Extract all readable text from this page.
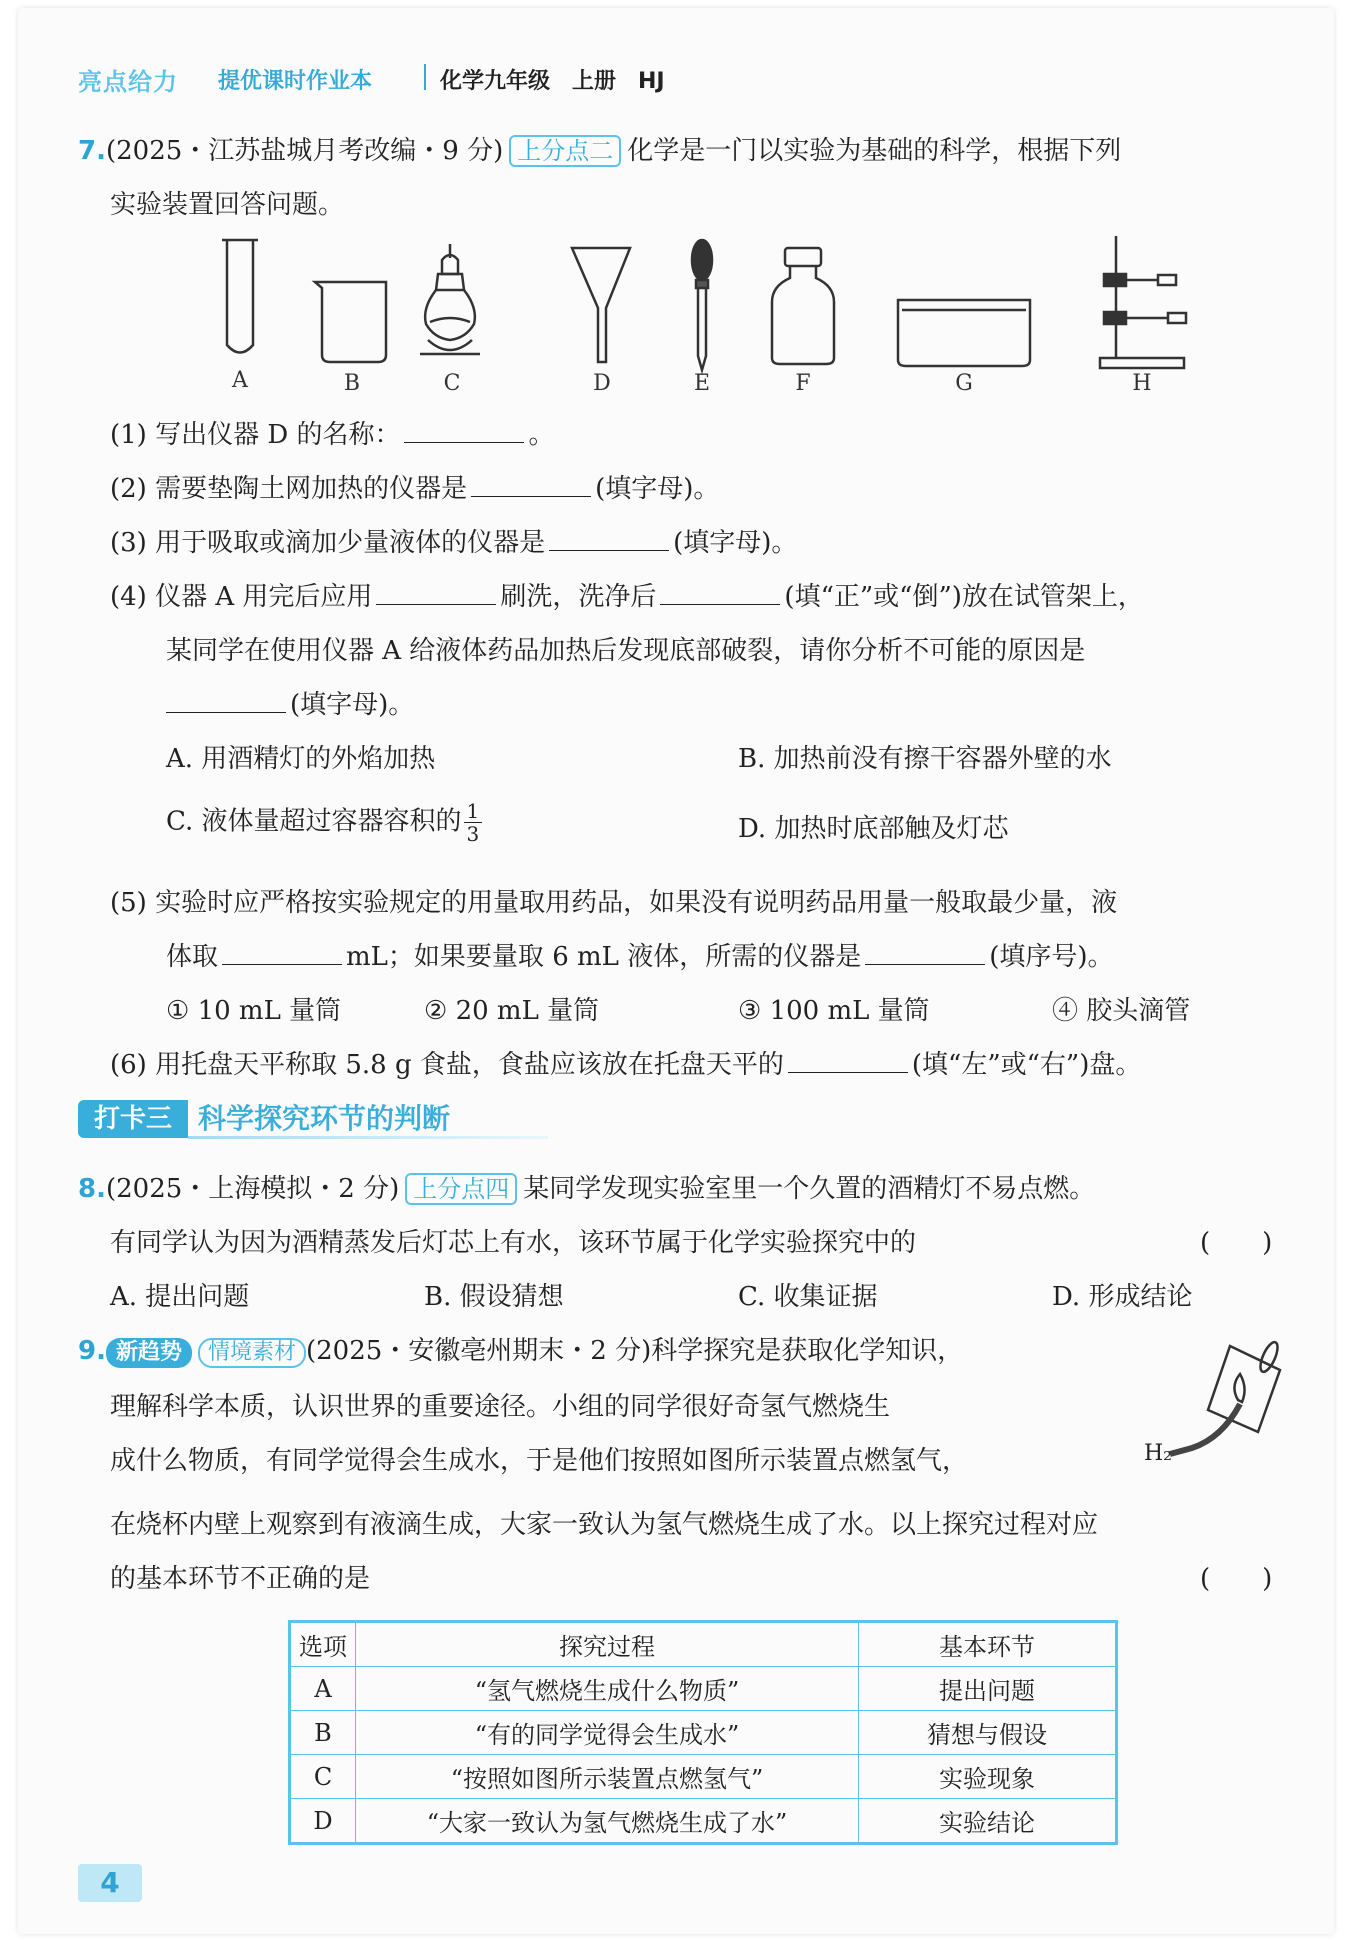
亮点给力 提优课时作业本	化学九年级　上册　HJ
7.(2025・江苏盐城月考改编・9 分) 上分点二 化学是一门以实验为基础的科学，根据下列
实验装置回答问题。
A	B	C	D	E	F	G	H
(1) 写出仪器 D 的名称：	。
(2) 需要垫陶土网加热的仪器是	(填字母)。
(3) 用于吸取或滴加少量液体的仪器是	(填字母)。
(4) 仪器 A 用完后应用	刷洗，洗净后	(填“正”或“倒”)放在试管架上，
某同学在使用仪器 A 给液体药品加热后发现底部破裂，请你分析不可能的原因是
(填字母)。
A. 用酒精灯的外焰加热	B. 加热前没有擦干容器外壁的水
C. 液体量超过容器容积的 $\frac{1}{3}$	D. 加热时底部触及灯芯
(5) 实验时应严格按实验规定的用量取用药品，如果没有说明药品用量一般取最少量，液
体取	mL；如果要量取 6 mL 液体，所需的仪器是	(填序号)。
① 10 mL 量筒	② 20 mL 量筒	③ 100 mL 量筒	④ 胶头滴管
(6) 用托盘天平称取 5.8 g 食盐，食盐应该放在托盘天平的	(填“左”或“右”)盘。
打卡三 科学探究环节的判断
8.(2025・上海模拟・2 分) 上分点四 某同学发现实验室里一个久置的酒精灯不易点燃。
有同学认为因为酒精蒸发后灯芯上有水，该环节属于化学实验探究中的	(　　)
A. 提出问题	B. 假设猜想	C. 收集证据	D. 形成结论
9. 新趋势 情境素材 (2025・安徽亳州期末・2 分)科学探究是获取化学知识，
理解科学本质，认识世界的重要途径。小组的同学很好奇氢气燃烧生
成什么物质，有同学觉得会生成水，于是他们按照如图所示装置点燃氢气，
在烧杯内壁上观察到有液滴生成，大家一致认为氢气燃烧生成了水。以上探究过程对应
的基本环节不正确的是	(　　)
H₂
选项	探究过程	基本环节
A	“氢气燃烧生成什么物质”	提出问题
B	“有的同学觉得会生成水”	猜想与假设
C	“按照如图所示装置点燃氢气”	实验现象
D	“大家一致认为氢气燃烧生成了水”	实验结论
4
